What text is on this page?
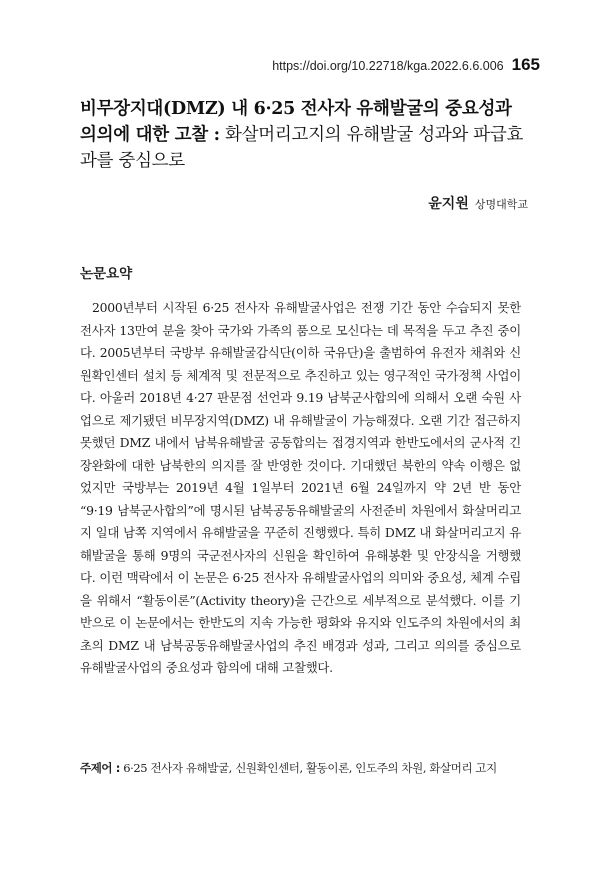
https://doi.org/10.22718/kga.2022.6.6.006 165
비무장지대(DMZ) 내 6·25 전사자 유해발굴의 중요성과 의의에 대한 고찰 : 화살머리고지의 유해발굴 성과와 파급효과를 중심으로
윤지원 상명대학교
논문요약

2000년부터 시작된 6·25 전사자 유해발굴사업은 전쟁 기간 동안 수습되지 못한 전사자 13만여 분을 찾아 국가와 가족의 품으로 모신다는 데 목적을 두고 추진 중이다. 2005년부터 국방부 유해발굴감식단(이하 국유단)을 출범하여 유전자 채취와 신원확인센터 설치 등 체계적 및 전문적으로 추진하고 있는 영구적인 국가정책 사업이다. 아울러 2018년 4·27 판문점 선언과 9.19 남북군사합의에 의해서 오랜 숙원 사업으로 제기됐던 비무장지역(DMZ) 내 유해발굴이 가능해졌다. 오랜 기간 접근하지 못했던 DMZ 내에서 남북유해발굴 공동합의는 접경지역과 한반도에서의 군사적 긴장완화에 대한 남북한의 의지를 잘 반영한 것이다. 기대했던 북한의 약속 이행은 없었지만 국방부는 2019년 4월 1일부터 2021년 6월 24일까지 약 2년 반 동안 “9·19 남북군사합의”에 명시된 남북공동유해발굴의 사전준비 차원에서 화살머리고지 일대 남쪽 지역에서 유해발굴을 꾸준히 진행했다. 특히 DMZ 내 화살머리고지 유해발굴을 통해 9명의 국군전사자의 신원을 확인하여 유해봉환 및 안장식을 거행했다. 이런 맥락에서 이 논문은 6·25 전사자 유해발굴사업의 의미와 중요성, 체계 수립을 위해서 “활동이론”(Activity theory)을 근간으로 세부적으로 분석했다. 이를 기반으로 이 논문에서는 한반도의 지속 가능한 평화와 유지와 인도주의 차원에서의 최초의 DMZ 내 남북공동유해발굴사업의 추진 배경과 성과, 그리고 의의를 중심으로 유해발굴사업의 중요성과 함의에 대해 고찰했다.

주제어 : 6·25 전사자 유해발굴, 신원확인센터, 활동이론, 인도주의 차원, 화살머리 고지
